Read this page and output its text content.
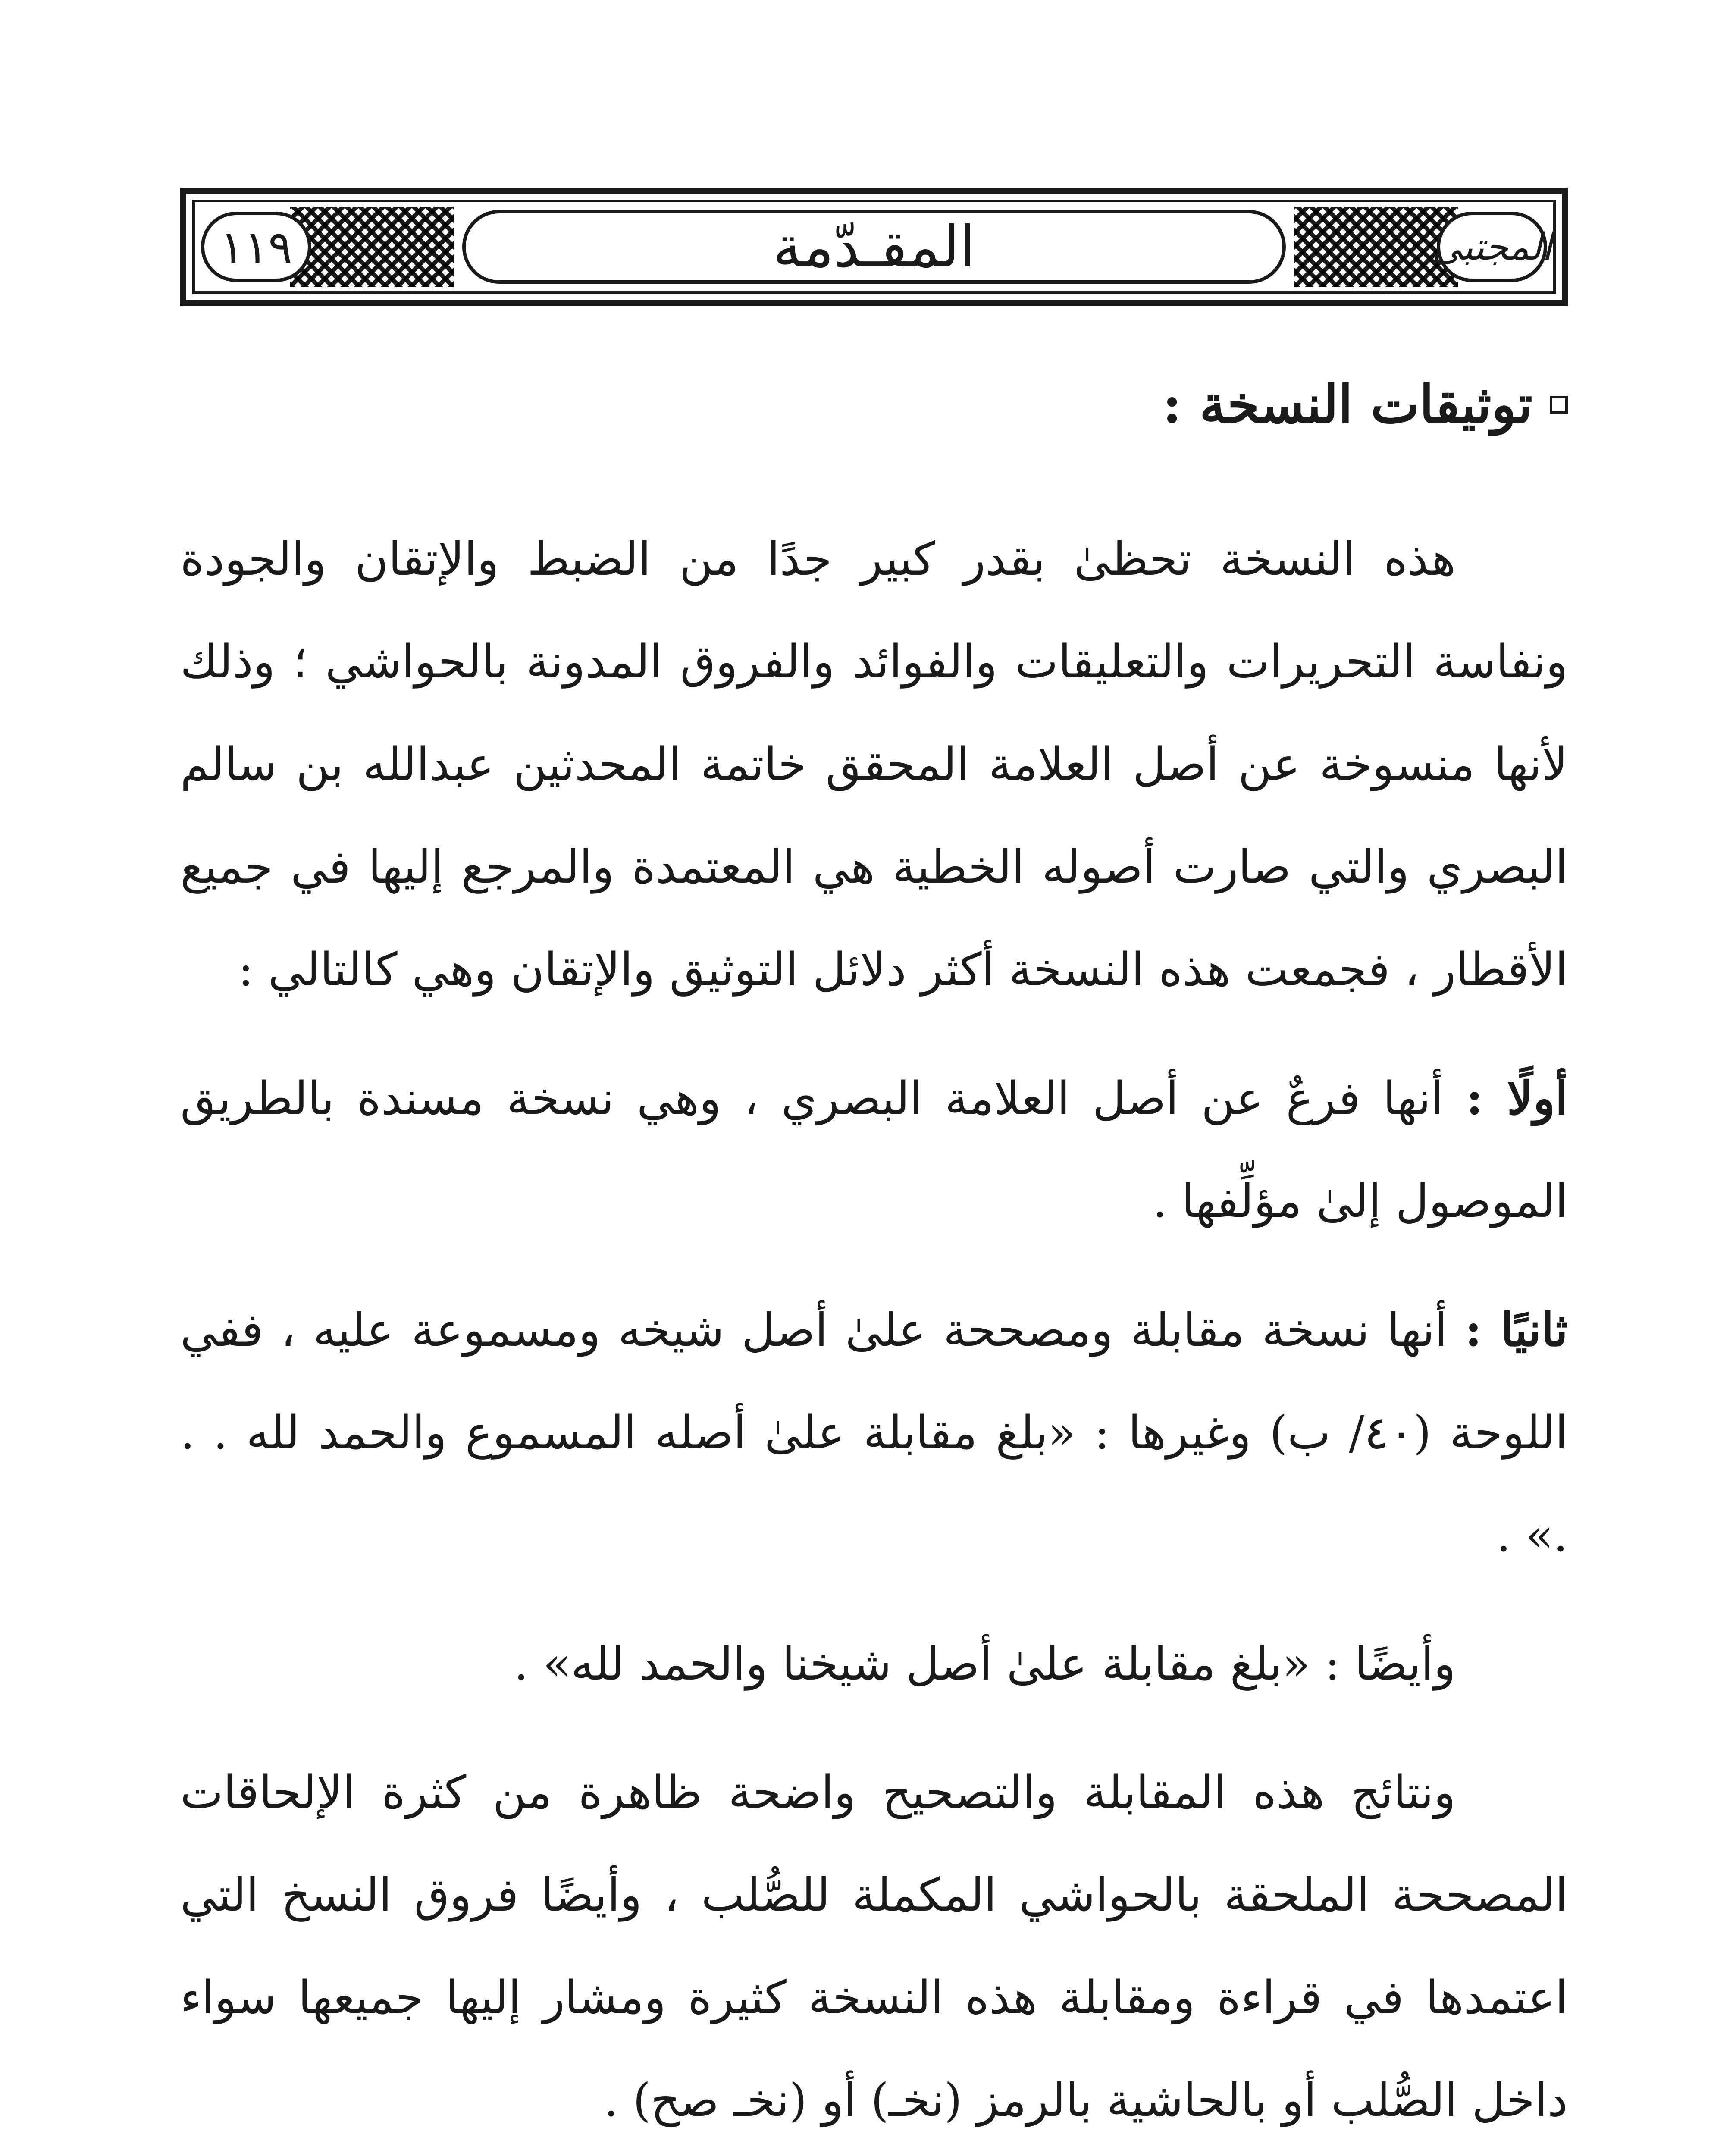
١١٩	المجتبى
المقـدّمة
توثيقات النسخة :

هذه النسخة تحظىٰ بقدر كبير جدًا من الضبط والإتقان والجودة ونفاسة التحريرات والتعليقات والفوائد والفروق المدونة بالحواشي ؛ وذلك لأنها منسوخة عن أصل العلامة المحقق خاتمة المحدثين عبدالله بن سالم البصري والتي صارت أصوله الخطية هي المعتمدة والمرجع إليها في جميع الأقطار ، فجمعت هذه النسخة أكثر دلائل التوثيق والإتقان وهي كالتالي :

أولًا : أنها فرعٌ عن أصل العلامة البصري ، وهي نسخة مسندة بالطريق الموصول إلىٰ مؤلِّفها .

ثانيًا : أنها نسخة مقابلة ومصححة علىٰ أصل شيخه ومسموعة عليه ، ففي اللوحة (٤٠/ ب) وغيرها : «بلغ مقابلة علىٰ أصله المسموع والحمد لله . . .» .

وأيضًا : «بلغ مقابلة علىٰ أصل شيخنا والحمد لله» .

ونتائج هذه المقابلة والتصحيح واضحة ظاهرة من كثرة الإلحاقات المصححة الملحقة بالحواشي المكملة للصُّلب ، وأيضًا فروق النسخ التي اعتمدها في قراءة ومقابلة هذه النسخة كثيرة ومشار إليها جميعها سواء داخل الصُّلب أو بالحاشية بالرمز (نخـ) أو (نخـ صح) .
